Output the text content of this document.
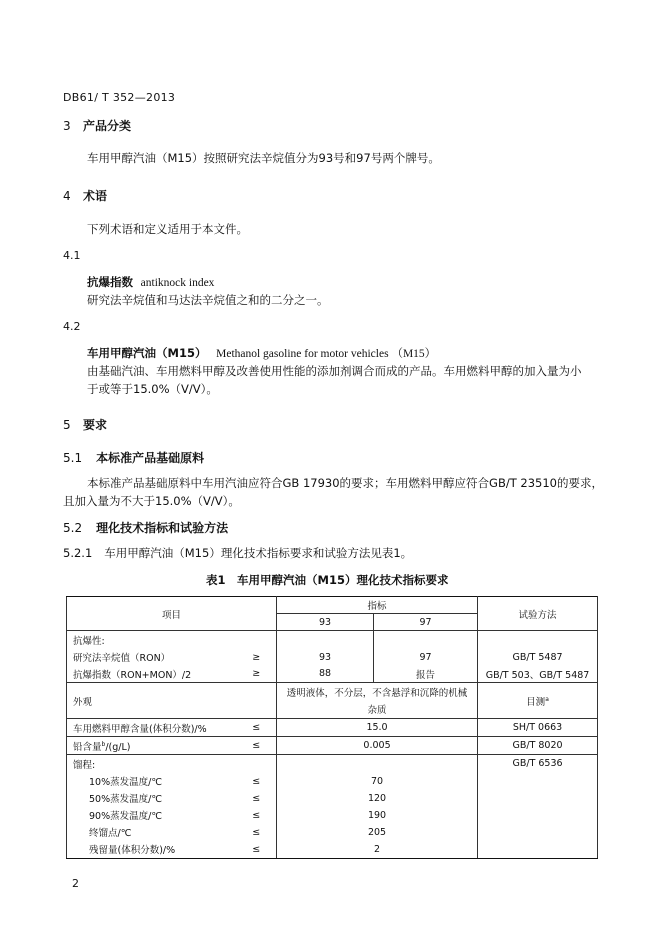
DB61/ T 352—2013
3 产品分类
车用甲醇汽油（M15）按照研究法辛烷值分为93号和97号两个牌号。
4 术语
下列术语和定义适用于本文件。
4.1
抗爆指数 antiknock index
研究法辛烷值和马达法辛烷值之和的二分之一。
4.2
车用甲醇汽油（M15） Methanol gasoline for motor vehicles （M15）
由基础汽油、车用燃料甲醇及改善使用性能的添加剂调合而成的产品。车用燃料甲醇的加入量为小
于或等于15.0%（V/V）。
5 要求
5.1 本标准产品基础原料
本标准产品基础原料中车用汽油应符合GB 17930的要求；车用燃料甲醇应符合GB/T 23510的要求，
且加入量为不大于15.0%（V/V）。
5.2 理化技术指标和试验方法
5.2.1 车用甲醇汽油（M15）理化技术指标要求和试验方法见表1。
表1　车用甲醇汽油（M15）理化技术指标要求
项目		指标		试验方法
		93	97	
抗爆性:				
研究法辛烷值（RON）	≥	93	97	GB/T 5487
抗爆指数（RON+MON）/2	≥	88	报告	GB/T 503、GB/T 5487
外观		透明液体，不分层，不含悬浮和沉降的机械
杂质		目测$^a$
车用燃料甲醇含量(体积分数)/%	≤	15.0		SH/T 0663
铅含量$^b$/(g/L)	≤	0.005		GB/T 8020
馏程:				GB/T 6536
10%蒸发温度/℃	≤	70		
50%蒸发温度/℃	≤	120		
90%蒸发温度/℃	≤	190		
终馏点/℃	≤	205		
残留量(体积分数)/%	≤	2		
2
